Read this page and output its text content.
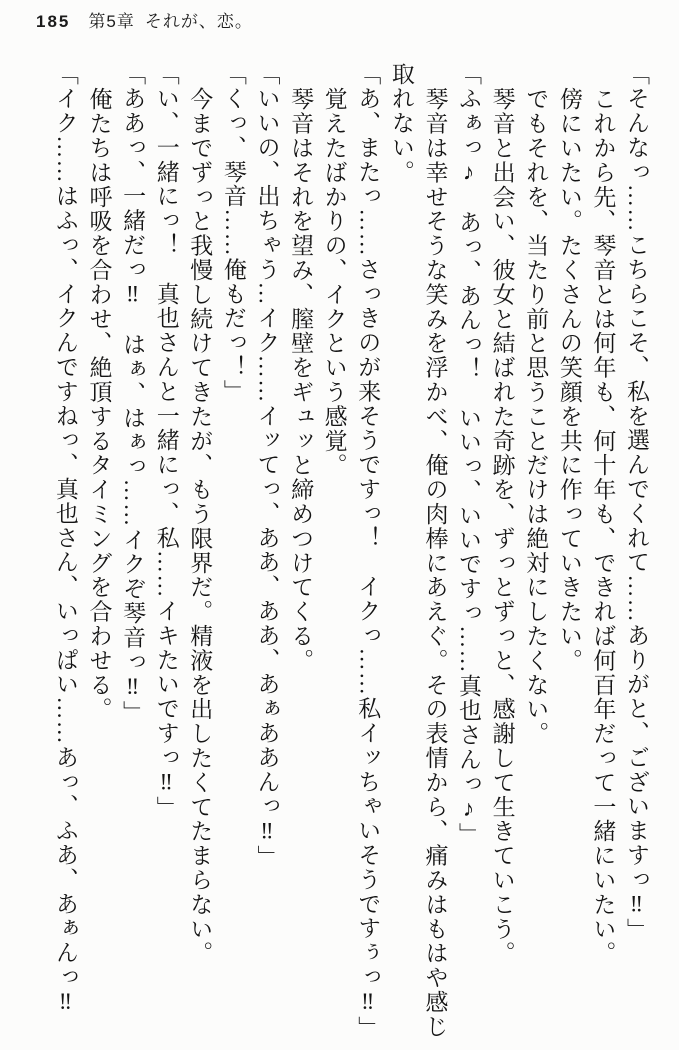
185 第5章 それが、恋。
「そんなっ……こちらこそ、私を選んでくれて……ありがと、ございますっ‼」
これから先、琴音とは何年も、何十年も、できれば何百年だって一緒にいたい。
傍にいたい。たくさんの笑顔を共に作っていきたい。
でもそれを、当たり前と思うことだけは絶対にしたくない。
琴音と出会い、彼女と結ばれた奇跡を、ずっとずっと、感謝して生きていこう。
「ふぁっ♪　あっ、あんっ！　いいっ、いいですっ……真也さんっ♪」
琴音は幸せそうな笑みを浮かべ、俺の肉棒にあえぐ。その表情から、痛みはもはや感じ
取れない。
「あ、またっ……さっきのが来そうですっ！　イクっ……私イッちゃいそうですぅっ‼」
覚えたばかりの、イクという感覚。
琴音はそれを望み、膣壁をギュッと締めつけてくる。
「いいの、出ちゃう…イク……イッてっ、ああ、ああ、あぁああんっ‼」
「くっ、琴音……俺もだっ！」
今までずっと我慢し続けてきたが、もう限界だ。精液を出したくてたまらない。
「い、一緒にっ！　真也さんと一緒にっ、私……イキたいですっ‼」
「ああっ、一緒だっ‼　はぁ、はぁっ……イクぞ琴音っ‼」
俺たちは呼吸を合わせ、絶頂するタイミングを合わせる。
「イク……はふっ、イクんですねっ、真也さん、いっぱい……あっ、ふあ、あぁんっ‼
